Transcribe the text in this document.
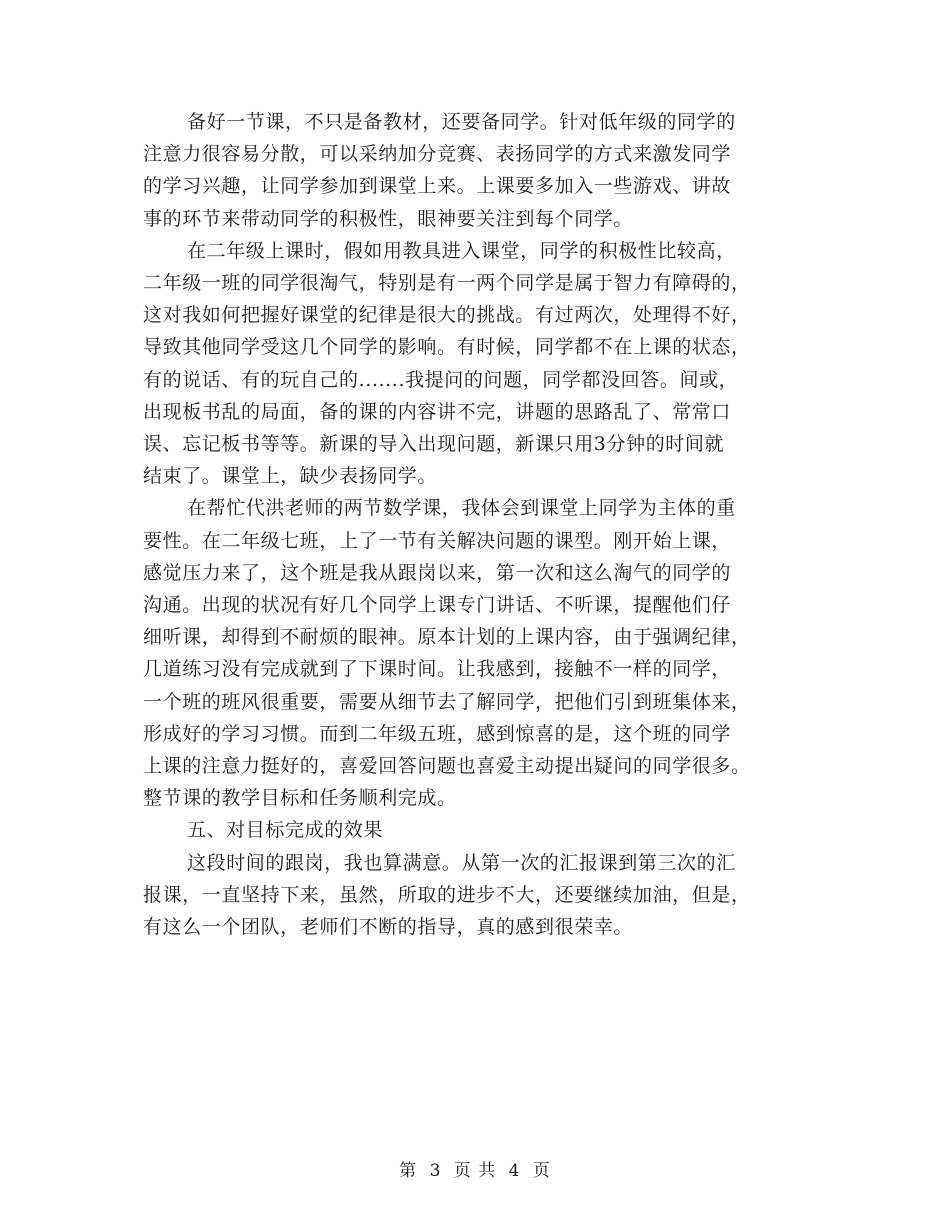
备好一节课，不只是备教材，还要备同学。针对低年级的同学的
注意力很容易分散，可以采纳加分竞赛、表扬同学的方式来激发同学
的学习兴趣，让同学参加到课堂上来。上课要多加入一些游戏、讲故
事的环节来带动同学的积极性，眼神要关注到每个同学。
在二年级上课时，假如用教具进入课堂，同学的积极性比较高，
二年级一班的同学很淘气，特别是有一两个同学是属于智力有障碍的，
这对我如何把握好课堂的纪律是很大的挑战。有过两次，处理得不好，
导致其他同学受这几个同学的影响。有时候，同学都不在上课的状态，
有的说话、有的玩自己的.......我提问的问题，同学都没回答。间或，
出现板书乱的局面，备的课的内容讲不完，讲题的思路乱了、常常口
误、忘记板书等等。新课的导入出现问题，新课只用3分钟的时间就
结束了。课堂上，缺少表扬同学。
在帮忙代洪老师的两节数学课，我体会到课堂上同学为主体的重
要性。在二年级七班，上了一节有关解决问题的课型。刚开始上课，
感觉压力来了，这个班是我从跟岗以来，第一次和这么淘气的同学的
沟通。出现的状况有好几个同学上课专门讲话、不听课，提醒他们仔
细听课，却得到不耐烦的眼神。原本计划的上课内容，由于强调纪律，
几道练习没有完成就到了下课时间。让我感到，接触不一样的同学，
一个班的班风很重要，需要从细节去了解同学，把他们引到班集体来，
形成好的学习习惯。而到二年级五班，感到惊喜的是，这个班的同学
上课的注意力挺好的，喜爱回答问题也喜爱主动提出疑问的同学很多。
整节课的教学目标和任务顺利完成。
五、对目标完成的效果
这段时间的跟岗，我也算满意。从第一次的汇报课到第三次的汇
报课，一直坚持下来，虽然，所取的进步不大，还要继续加油，但是，
有这么一个团队，老师们不断的指导，真的感到很荣幸。
第 3 页 共 4 页
